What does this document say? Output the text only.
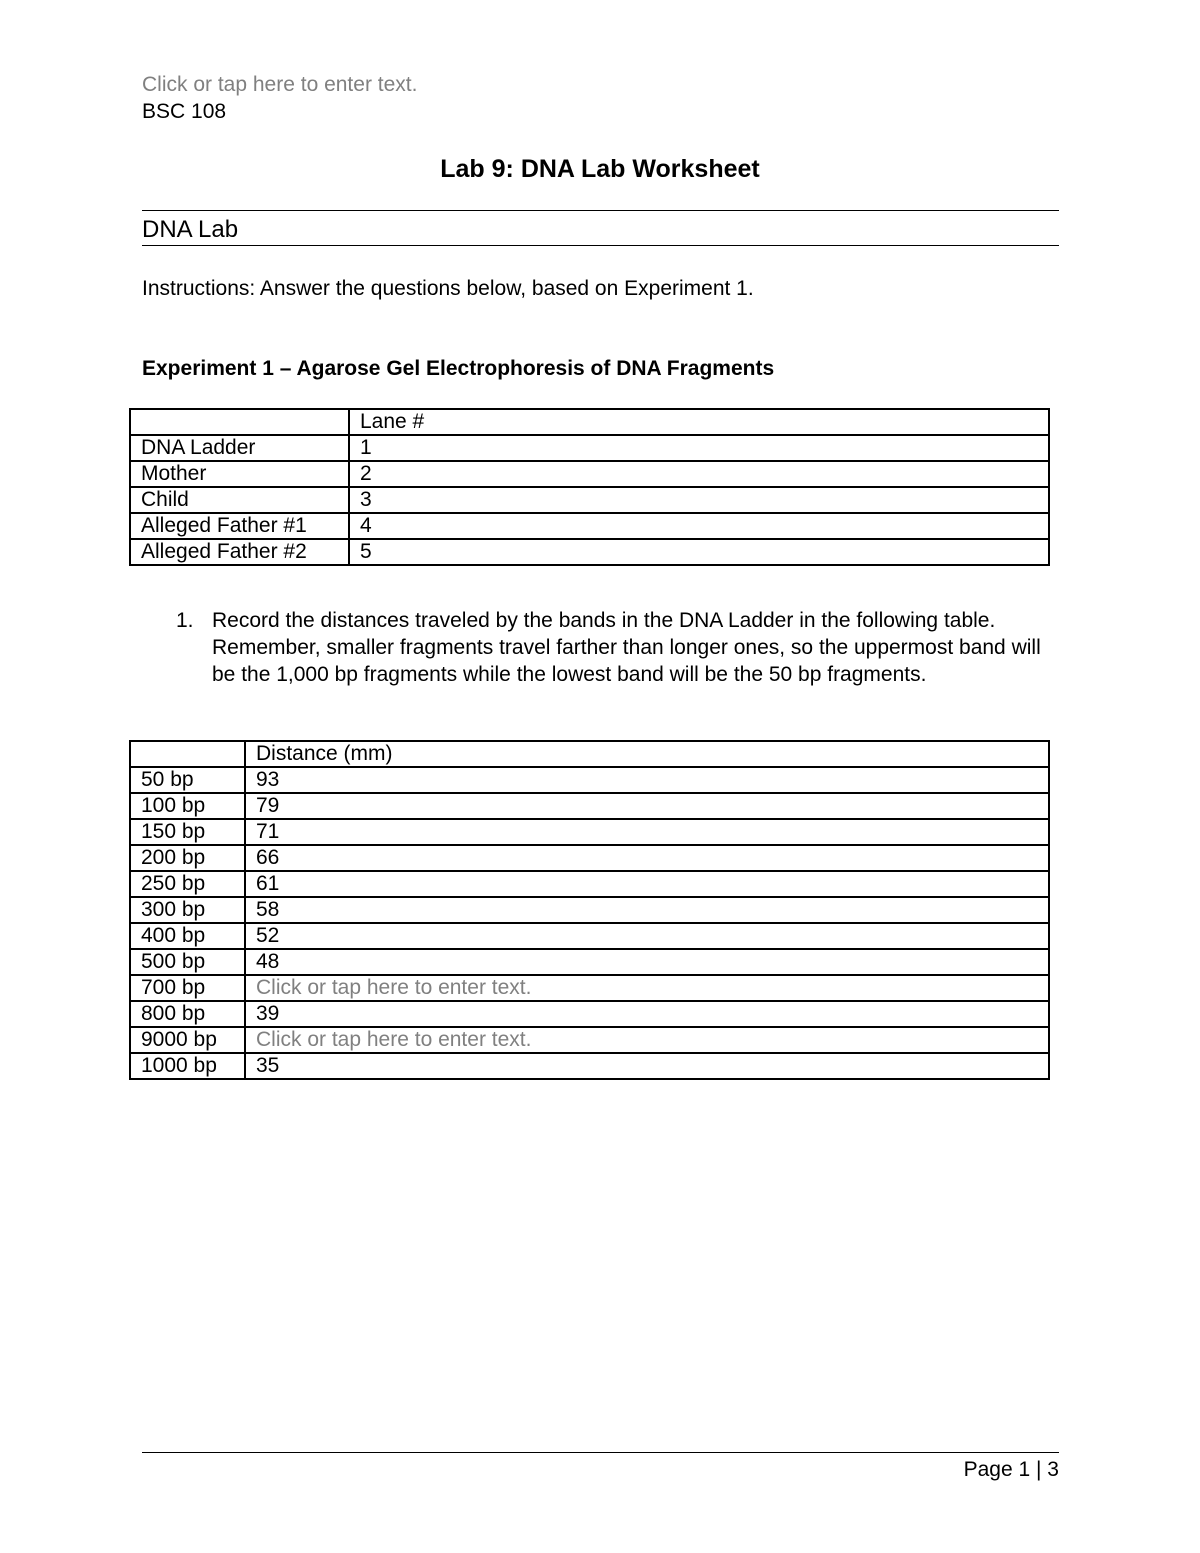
Click or tap here to enter text.
BSC 108
Lab 9: DNA Lab Worksheet
DNA Lab
Instructions: Answer the questions below, based on Experiment 1.
Experiment 1 – Agarose Gel Electrophoresis of DNA Fragments
	Lane #
DNA Ladder	1
Mother	2
Child	3
Alleged Father #1	4
Alleged Father #2	5
1. Record the distances traveled by the bands in the DNA Ladder in the following table. Remember, smaller fragments travel farther than longer ones, so the uppermost band will be the 1,000 bp fragments while the lowest band will be the 50 bp fragments.
	Distance (mm)
50 bp	93
100 bp	79
150 bp	71
200 bp	66
250 bp	61
300 bp	58
400 bp	52
500 bp	48
700 bp	Click or tap here to enter text.
800 bp	39
9000 bp	Click or tap here to enter text.
1000 bp	35
Page 1 | 3
